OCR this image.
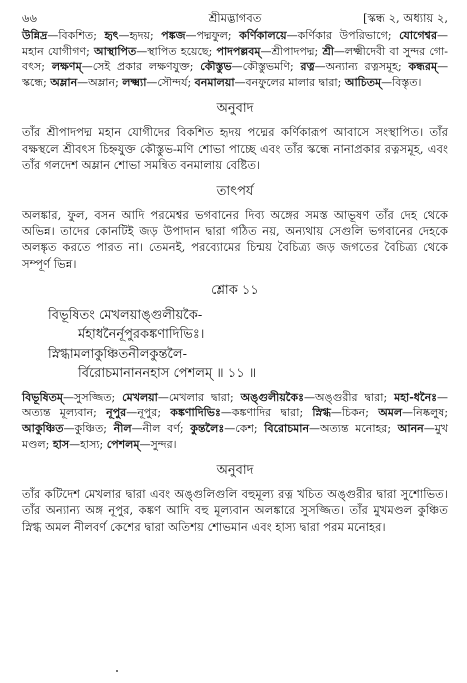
৬৬	শ্রীমদ্ভাগবত	[স্কন্ধ ২, অধ্যায় ২,

উন্নিদ্র—বিকশিত; হৃৎ—হৃদয়; পঙ্কজ—পদ্মফুল; কর্ণিকালয়ে—কর্ণিকার উপরিভাগে; যোগেশ্বর—মহান যোগীগণ; আস্থাপিত—স্থাপিত হয়েছে; পাদপল্লবম্‌—শ্রীপাদপদ্ম; শ্রী—লক্ষ্মীদেবী বা সুন্দর গো-বৎস; লক্ষণম্‌—সেই প্রকার লক্ষণযুক্ত; কৌস্তুভ—কৌস্তুভমণি; রত্ন—অন্যান্য রত্নসমূহ; কন্ধরম্‌—স্কন্ধে; অম্লান—অম্লান; লক্ষ্ম্যা—সৌন্দর্য; বনমালয়া—বনফুলের মালার দ্বারা; আচিতম্‌—বিস্তৃত।

অনুবাদ

তাঁর শ্রীপাদপদ্ম মহান যোগীদের বিকশিত হৃদয় পদ্মের কর্ণিকারূপ আবাসে সংস্থাপিত। তাঁর বক্ষস্থলে শ্রীবৎস চিহ্নযুক্ত কৌস্তুভ-মণি শোভা পাচ্ছে এবং তাঁর স্কন্ধে নানাপ্রকার রত্নসমূহ, এবং তাঁর গলদেশ অম্লান শোভা সমন্বিত বনমালায় বেষ্টিত।

তাৎপর্য

অলঙ্কার, ফুল, বসন আদি পরমেশ্বর ভগবানের দিব্য অঙ্গের সমস্ত আভূষণ তাঁর দেহ থেকে অভিন্ন। তাদের কোনটিই জড় উপাদান দ্বারা গঠিত নয়, অন্যথায় সেগুলি ভগবানের দেহকে অলঙ্কৃত করতে পারত না। তেমনই, পরব্যোমের চিন্ময় বৈচিত্র্য জড় জগতের বৈচিত্র্য থেকে সম্পূর্ণ ভিন্ন।

শ্লোক ১১
বিভূষিতং মেখলয়াঙ্গুলীয়কৈ-
র্মহাধনৈর্নূপুরকঙ্কণাদিভিঃ।
স্নিগ্ধামলাকুঞ্চিতনীলকুন্তলৈ-
র্বিরোচমানাননহাস পেশলম্‌ ॥ ১১ ॥

বিভূষিতম্‌—সুসজ্জিত; মেখলয়া—মেখলার দ্বারা; অঙ্গুলীয়কৈঃ—অঙ্গুরীর দ্বারা; মহা-ধনৈঃ—অত্যন্ত মূল্যবান; নূপুর—নূপুর; কঙ্কণাদিভিঃ—কঙ্কণাদির দ্বারা; স্নিগ্ধ—চিকন; অমল—নিষ্কলুষ; আকুঞ্চিত—কুঞ্চিত; নীল—নীল বর্ণ; কুন্তলৈঃ—কেশ; বিরোচমান—অত্যন্ত মনোহর; আনন—মুখ মণ্ডল; হাস—হাস্য; পেশলম্‌—সুন্দর।

অনুবাদ

তাঁর কটিদেশ মেখলার দ্বারা এবং অঙ্গুলিগুলি বহুমূল্য রত্ন খচিত অঙ্গুরীর দ্বারা সুশোভিত। তাঁর অন্যান্য অঙ্গ নূপুর, কঙ্কণ আদি বহু মূল্যবান অলঙ্কারে সুসজ্জিত। তাঁর মুখমণ্ডল কুঞ্চিত স্নিগ্ধ অমল নীলবর্ণ কেশের দ্বারা অতিশয় শোভমান এবং হাস্য দ্বারা পরম মনোহর।
